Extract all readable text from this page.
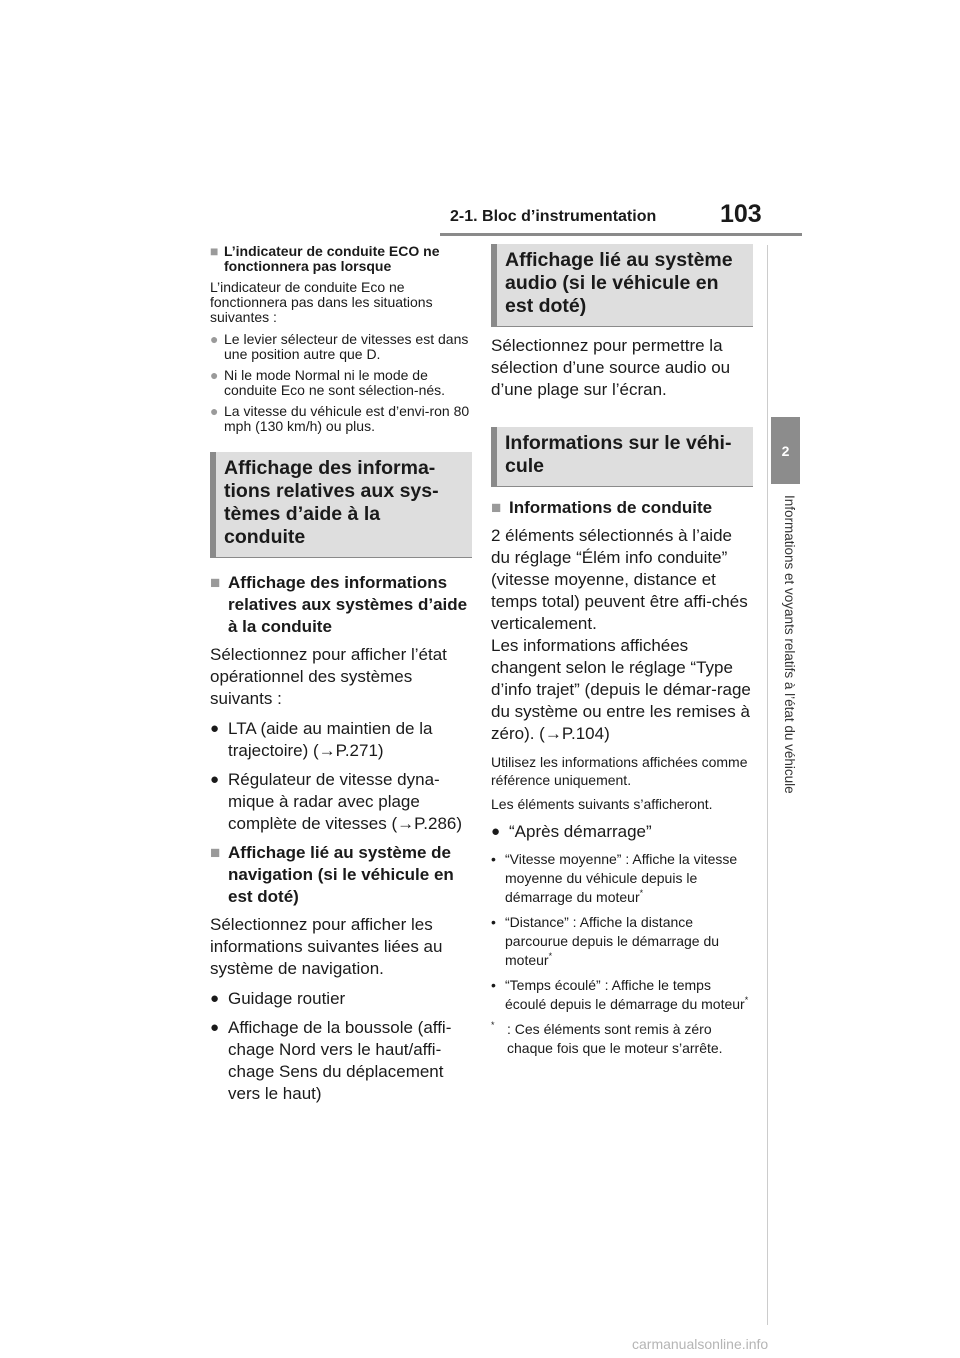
2-1. Bloc d’instrumentation	103
2
Informations et voyants relatifs à l’état du véhicule
■ L’indicateur de conduite ECO ne fonctionnera pas lorsque

L’indicateur de conduite Eco ne fonctionnera pas dans les situations suivantes :

● Le levier sélecteur de vitesses est dans une position autre que D.
● Ni le mode Normal ni le mode de conduite Eco ne sont sélection-nés.
● La vitesse du véhicule est d’envi-ron 80 mph (130 km/h) ou plus.
Affichage des informa-tions relatives aux sys-tèmes d’aide à la conduite
■ Affichage des informations relatives aux systèmes d’aide à la conduite

Sélectionnez pour afficher l’état opérationnel des systèmes suivants :

● LTA (aide au maintien de la trajectoire) (→P.271)
● Régulateur de vitesse dyna-mique à radar avec plage complète de vitesses (→P.286)
■ Affichage lié au système de navigation (si le véhicule en est doté)

Sélectionnez pour afficher les informations suivantes liées au système de navigation.

● Guidage routier
● Affichage de la boussole (affi-chage Nord vers le haut/affi-chage Sens du déplacement vers le haut)
Affichage lié au système audio (si le véhicule en est doté)

Sélectionnez pour permettre la sélection d’une source audio ou d’une plage sur l’écran.

Informations sur le véhi-cule
■ Informations de conduite

2 éléments sélectionnés à l’aide du réglage “Élém info conduite” (vitesse moyenne, distance et temps total) peuvent être affi-chés verticalement.

Les informations affichées changent selon le réglage “Type d’info trajet” (depuis le démar-rage du système ou entre les remises à zéro). (→P.104)

Utilisez les informations affichées comme référence uniquement.

Les éléments suivants s’afficheront.

● “Après démarrage”
• “Vitesse moyenne” : Affiche la vitesse moyenne du véhicule depuis le démarrage du moteur*
• “Distance” : Affiche la distance parcourue depuis le démarrage du moteur*
• “Temps écoulé” : Affiche le temps écoulé depuis le démarrage du moteur*
* : Ces éléments sont remis à zéro chaque fois que le moteur s’arrête.
carmanualsonline.info
